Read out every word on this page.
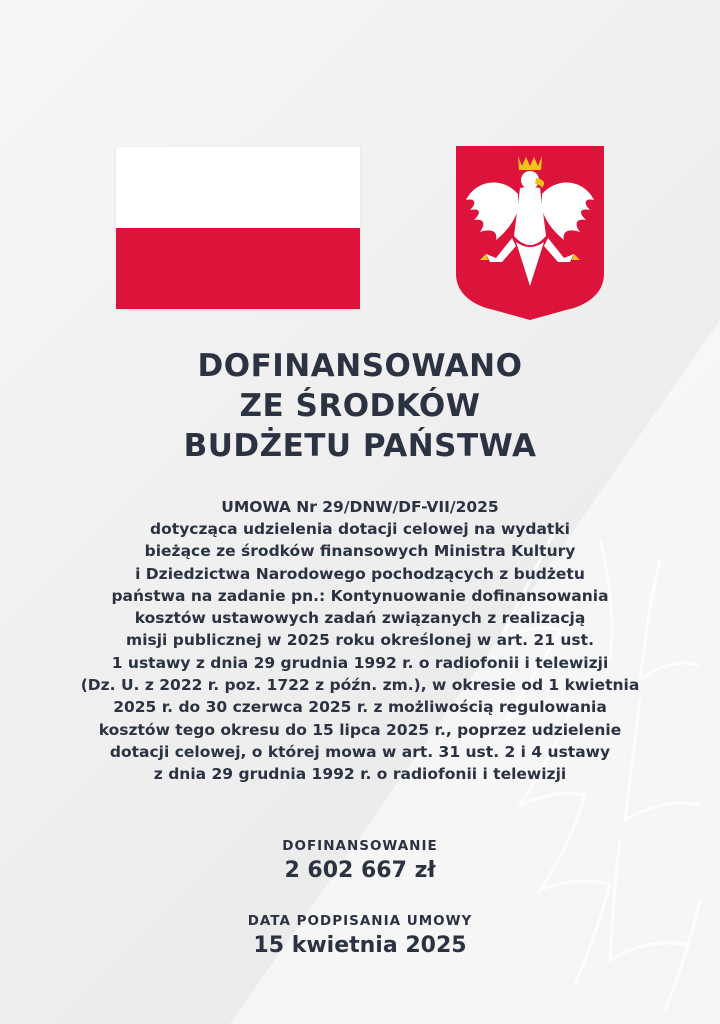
DOFINANSOWANO
ZE ŚRODKÓW
BUDŻETU PAŃSTWA
UMOWA Nr 29/DNW/DF-VII/2025
dotycząca udzielenia dotacji celowej na wydatki
bieżące ze środków finansowych Ministra Kultury
i Dziedzictwa Narodowego pochodzących z budżetu
państwa na zadanie pn.: Kontynuowanie dofinansowania
kosztów ustawowych zadań związanych z realizacją
misji publicznej w 2025 roku określonej w art. 21 ust.
1 ustawy z dnia 29 grudnia 1992 r. o radiofonii i telewizji
(Dz. U. z 2022 r. poz. 1722 z późn. zm.), w okresie od 1 kwietnia
2025 r. do 30 czerwca 2025 r. z możliwością regulowania
kosztów tego okresu do 15 lipca 2025 r., poprzez udzielenie
dotacji celowej, o której mowa w art. 31 ust. 2 i 4 ustawy
z dnia 29 grudnia 1992 r. o radiofonii i telewizji
DOFINANSOWANIE
2 602 667 zł
DATA PODPISANIA UMOWY
15 kwietnia 2025
